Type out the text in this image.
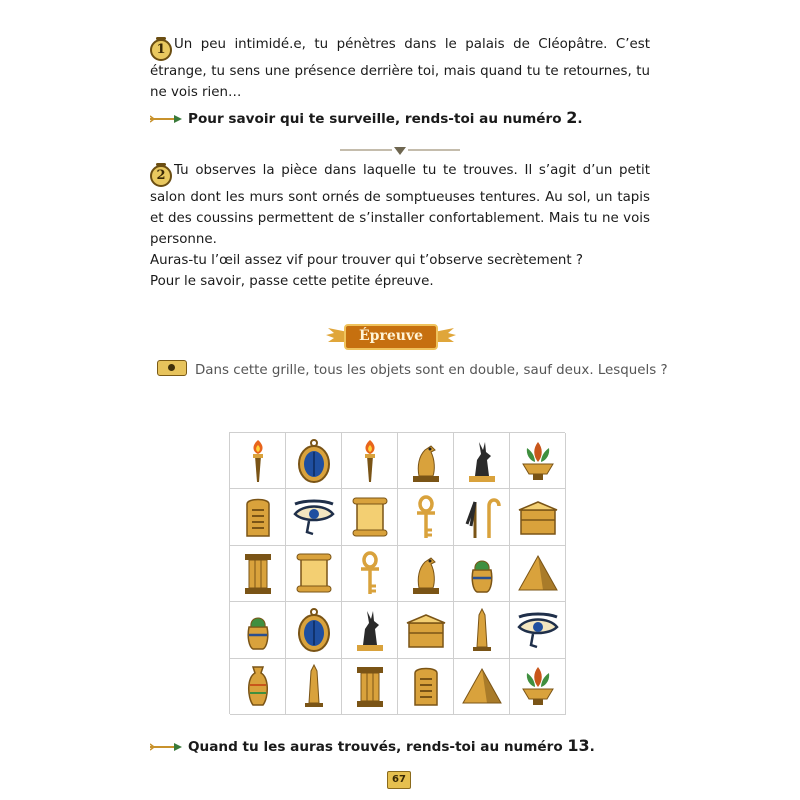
1 Un peu intimidé.e, tu pénètres dans le palais de Cléopâtre. C’est étrange, tu sens une présence derrière toi, mais quand tu te retournes, tu ne vois rien…
Pour savoir qui te surveille, rends-toi au numéro 2.
2 Tu observes la pièce dans laquelle tu te trouves. Il s’agit d’un petit salon dont les murs sont ornés de somptueuses tentures. Au sol, un tapis et des coussins permettent de s’installer confortablement. Mais tu ne vois personne.
Auras-tu l’œil assez vif pour trouver qui t’observe secrètement ?
Pour le savoir, passe cette petite épreuve.
Épreuve
Dans cette grille, tous les objets sont en double, sauf deux. Lesquels ?
Quand tu les auras trouvés, rends-toi au numéro 13.
67
